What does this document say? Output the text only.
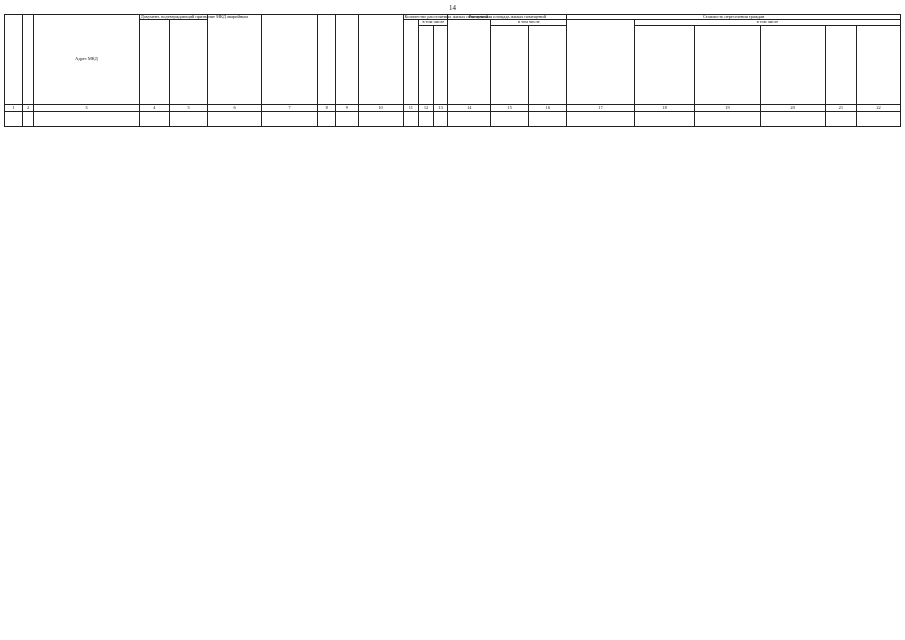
14
		Адрес МКД	Документ, подтверждающий признание МКД аварийным							Количество расселяемых жилых помещений			Расселяемая площадь жилых помещений			Стоимость переселения граждан					

									в том числе			в том числе			в том числе				

1	2	3	4	5	6	7	8	9	10	11	12	13	14	15	16	17	18	19	20	21	22
